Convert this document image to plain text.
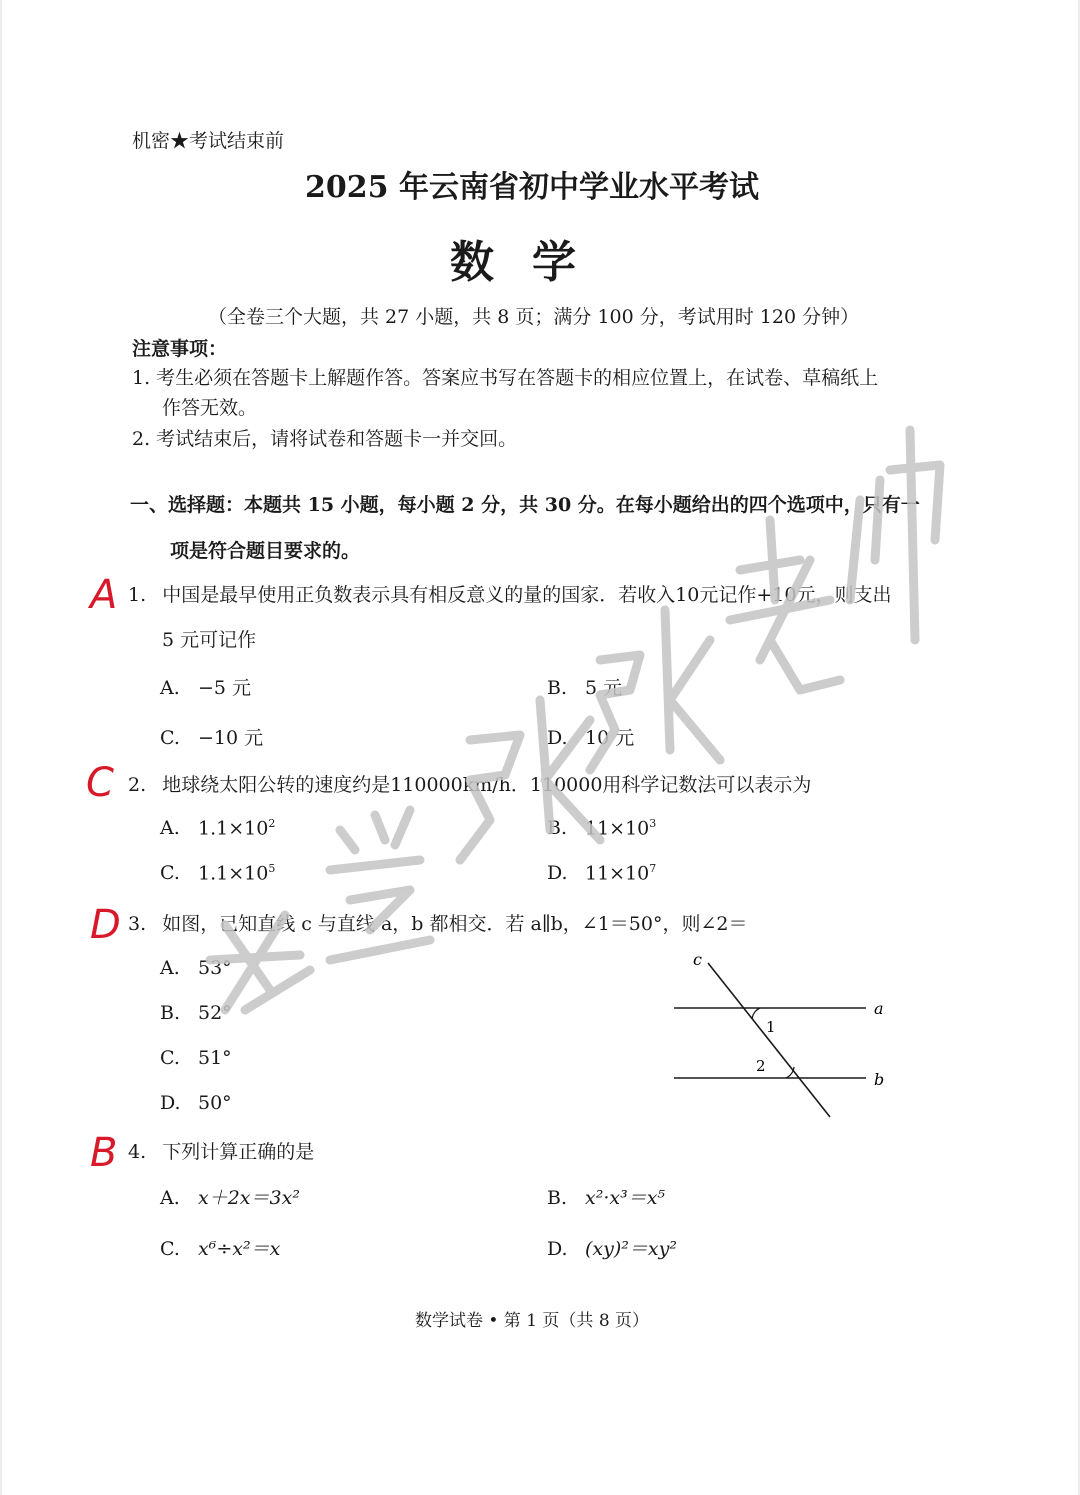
机密★考试结束前
2025 年云南省初中学业水平考试
数学
（全卷三个大题，共 27 小题，共 8 页；满分 100 分，考试用时 120 分钟）
注意事项：
1. 考生必须在答题卡上解题作答。答案应书写在答题卡的相应位置上，在试卷、草稿纸上
作答无效。
2. 考试结束后，请将试卷和答题卡一并交回。
一、选择题：本题共 15 小题，每小题 2 分，共 30 分。在每小题给出的四个选项中，只有一
项是符合题目要求的。
1. 中国是最早使用正负数表示具有相反意义的量的国家．若收入10元记作+10元，则支出
5 元可记作
A. −5 元	B. 5 元
C. −10 元	D. 10 元
2. 地球绕太阳公转的速度约是110000km/h．110000用科学记数法可以表示为
A. $1.1\times 10^2$	B. $11\times 10^3$
C. $1.1\times 10^5$	D. $11\times 10^7$
3. 如图，已知直线 c 与直线 a，b 都相交．若 a∥b，∠1＝50°，则∠2＝
A. 53°
B. 52°
C. 51°
D. 50°
c
a
b
1
2
4. 下列计算正确的是
A. x＋2x＝3x²	B. x²·x³＝x⁵
C. x⁶÷x²＝x	D. (xy)²＝xy²
A
C
D
B
数学试卷 • 第 1 页（共 8 页）
